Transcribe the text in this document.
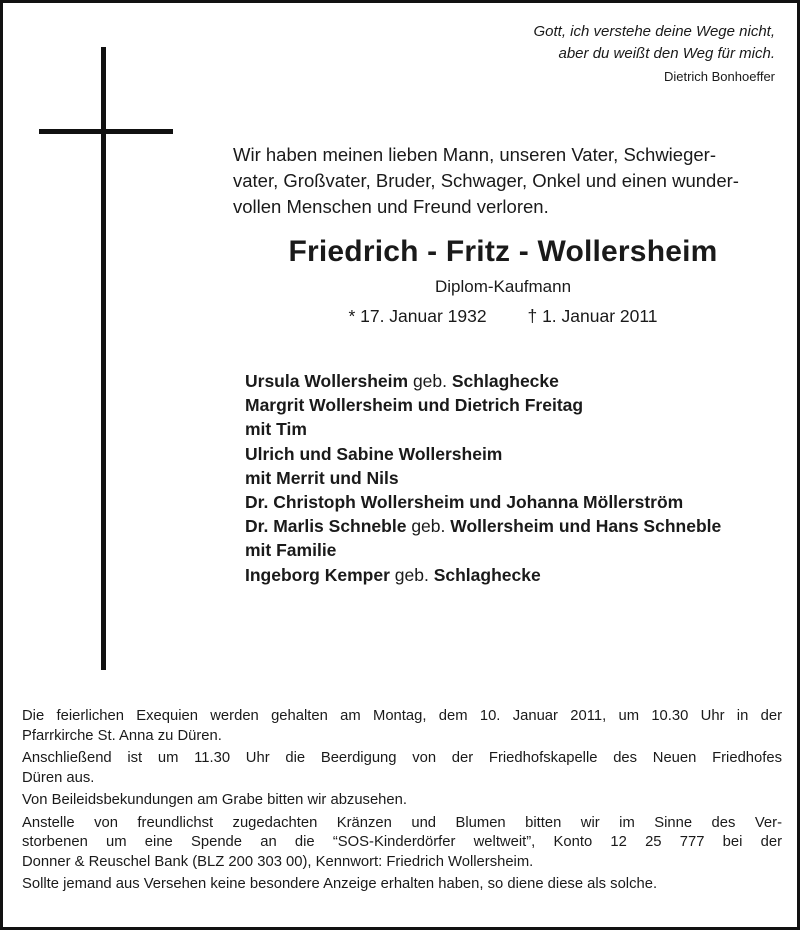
Gott, ich verstehe deine Wege nicht,
aber du weißt den Weg für mich.
Dietrich Bonhoeffer
Wir haben meinen lieben Mann, unseren Vater, Schwieger-
vater, Großvater, Bruder, Schwager, Onkel und einen wunder-
vollen Menschen und Freund verloren.
Friedrich - Fritz - Wollersheim
Diplom-Kaufmann
* 17. Januar 1932 † 1. Januar 2011
Ursula Wollersheim geb. Schlaghecke
Margrit Wollersheim und Dietrich Freitag
mit Tim
Ulrich und Sabine Wollersheim
mit Merrit und Nils
Dr. Christoph Wollersheim und Johanna Möllerström
Dr. Marlis Schneble geb. Wollersheim und Hans Schneble
mit Familie
Ingeborg Kemper geb. Schlaghecke

Die feierlichen Exequien werden gehalten am Montag, dem 10. Januar 2011, um 10.30 Uhr in der
Pfarrkirche St. Anna zu Düren.

Anschließend ist um 11.30 Uhr die Beerdigung von der Friedhofskapelle des Neuen Friedhofes
Düren aus.

Von Beileidsbekundungen am Grabe bitten wir abzusehen.

Anstelle von freundlichst zugedachten Kränzen und Blumen bitten wir im Sinne des Ver-
storbenen um eine Spende an die “SOS-Kinderdörfer weltweit”, Konto 12 25 777 bei der
Donner & Reuschel Bank (BLZ 200 303 00), Kennwort: Friedrich Wollersheim.

Sollte jemand aus Versehen keine besondere Anzeige erhalten haben, so diene diese als solche.
